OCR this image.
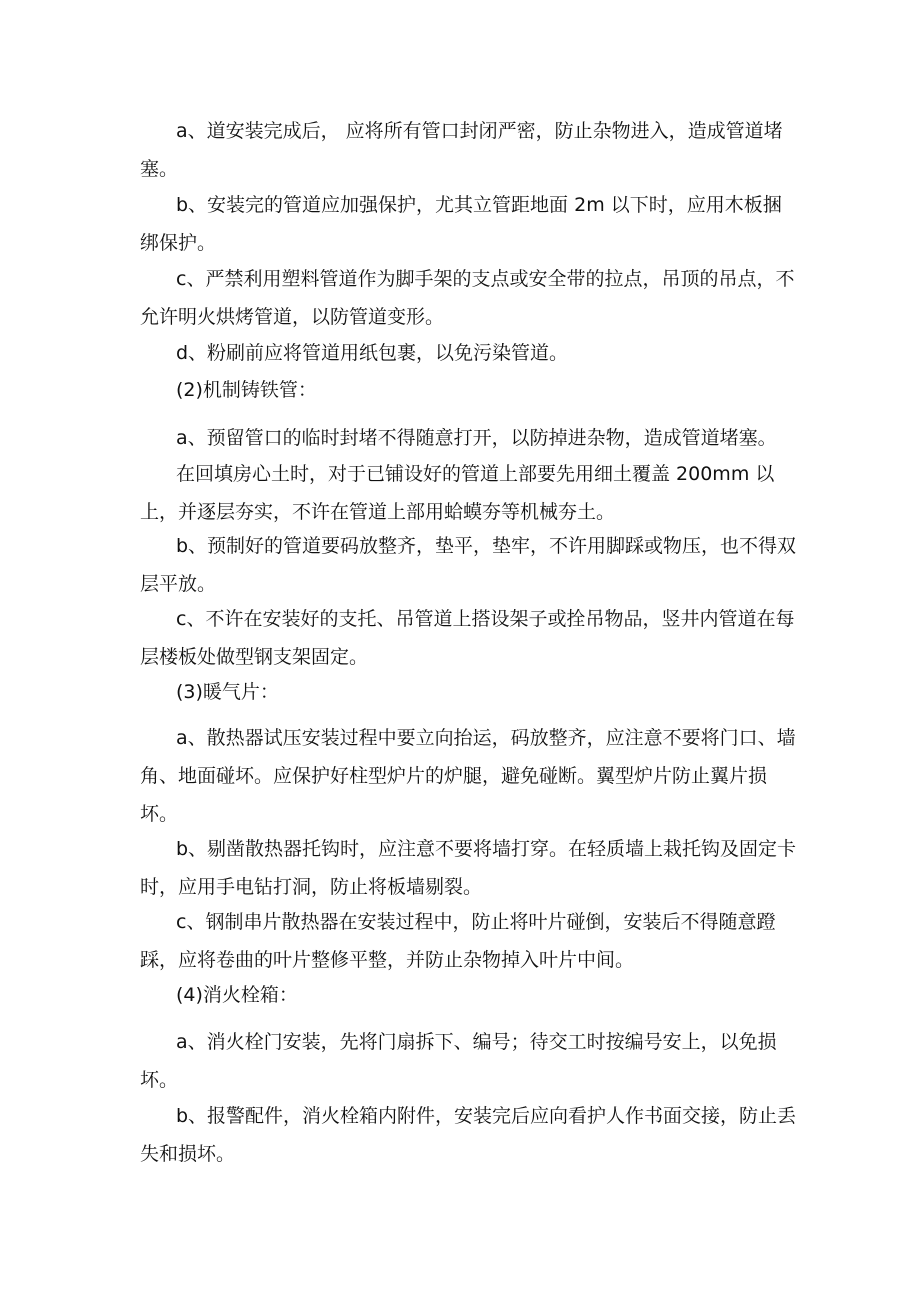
a、道安装完成后， 应将所有管口封闭严密，防止杂物进入，造成管道堵塞。

b、安装完的管道应加强保护，尤其立管距地面 2m 以下时，应用木板捆绑保护。

c、严禁利用塑料管道作为脚手架的支点或安全带的拉点，吊顶的吊点，不允许明火烘烤管道，以防管道变形。

d、粉刷前应将管道用纸包裹，以免污染管道。

(2)机制铸铁管：

a、预留管口的临时封堵不得随意打开，以防掉进杂物，造成管道堵塞。

在回填房心土时，对于已铺设好的管道上部要先用细土覆盖 200mm 以上，并逐层夯实，不许在管道上部用蛤蟆夯等机械夯土。

b、预制好的管道要码放整齐，垫平，垫牢，不许用脚踩或物压，也不得双层平放。

c、不许在安装好的支托、吊管道上搭设架子或拴吊物品，竖井内管道在每层楼板处做型钢支架固定。

(3)暖气片：

a、散热器试压安装过程中要立向抬运，码放整齐，应注意不要将门口、墙角、地面碰坏。应保护好柱型炉片的炉腿，避免碰断。翼型炉片防止翼片损坏。

b、剔凿散热器托钩时，应注意不要将墙打穿。在轻质墙上栽托钩及固定卡时，应用手电钻打洞，防止将板墙剔裂。

c、钢制串片散热器在安装过程中，防止将叶片碰倒，安装后不得随意蹬踩，应将卷曲的叶片整修平整，并防止杂物掉入叶片中间。

(4)消火栓箱：

a、消火栓门安装，先将门扇拆下、编号；待交工时按编号安上，以免损坏。

b、报警配件，消火栓箱内附件，安装完后应向看护人作书面交接，防止丢失和损坏。
